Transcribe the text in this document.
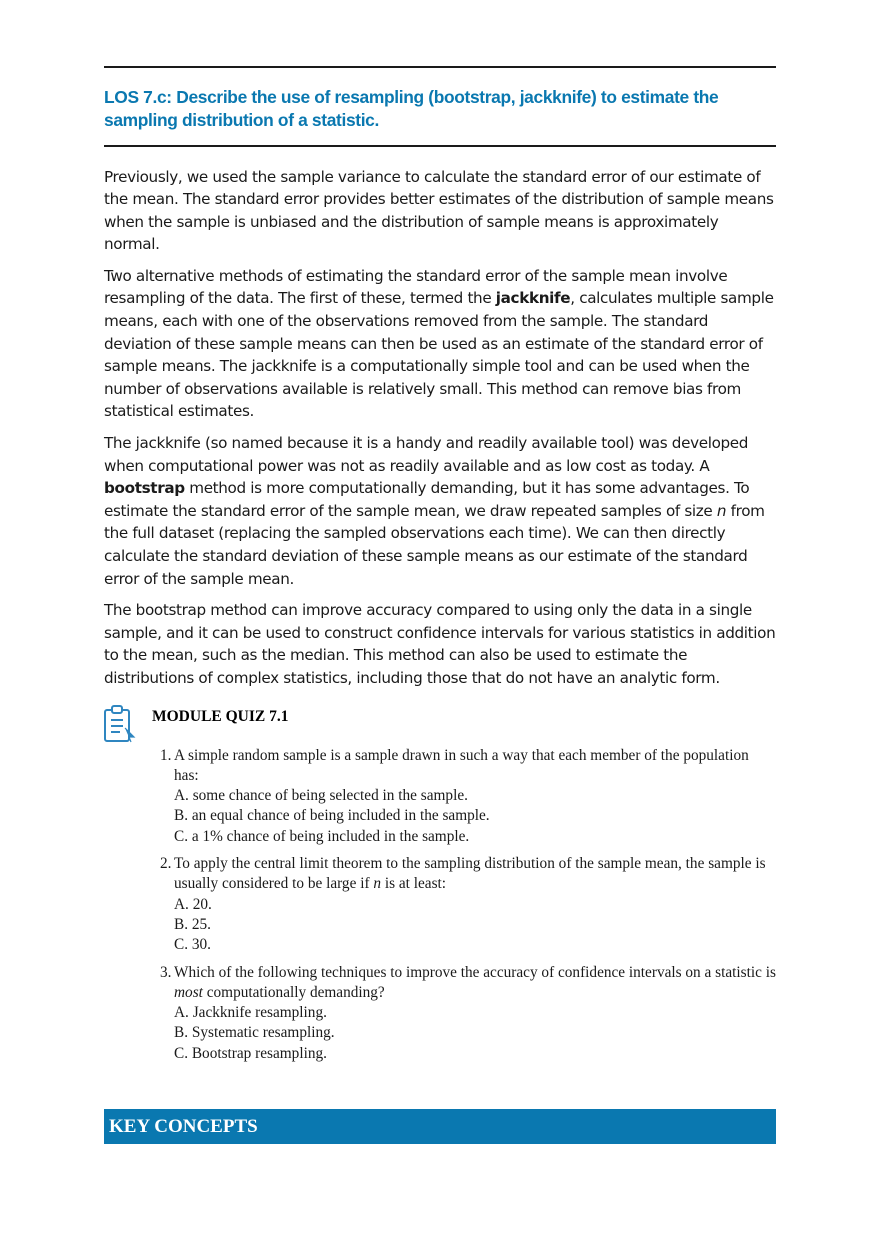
LOS 7.c: Describe the use of resampling (bootstrap, jackknife) to estimate the sampling distribution of a statistic.

Previously, we used the sample variance to calculate the standard error of our estimate of the mean. The standard error provides better estimates of the distribution of sample means when the sample is unbiased and the distribution of sample means is approximately normal.

Two alternative methods of estimating the standard error of the sample mean involve resampling of the data. The first of these, termed the jackknife, calculates multiple sample means, each with one of the observations removed from the sample. The standard deviation of these sample means can then be used as an estimate of the standard error of sample means. The jackknife is a computationally simple tool and can be used when the number of observations available is relatively small. This method can remove bias from statistical estimates.

The jackknife (so named because it is a handy and readily available tool) was developed when computational power was not as readily available and as low cost as today. A bootstrap method is more computationally demanding, but it has some advantages. To estimate the standard error of the sample mean, we draw repeated samples of size n from the full dataset (replacing the sampled observations each time). We can then directly calculate the standard deviation of these sample means as our estimate of the standard error of the sample mean.

The bootstrap method can improve accuracy compared to using only the data in a single sample, and it can be used to construct confidence intervals for various statistics in addition to the mean, such as the median. This method can also be used to estimate the distributions of complex statistics, including those that do not have an analytic form.

MODULE QUIZ 7.1
1. A simple random sample is a sample drawn in such a way that each member of the population has:
A. some chance of being selected in the sample.
B. an equal chance of being included in the sample.
C. a 1% chance of being included in the sample.
2. To apply the central limit theorem to the sampling distribution of the sample mean, the sample is usually considered to be large if n is at least:
A. 20.
B. 25.
C. 30.
3. Which of the following techniques to improve the accuracy of confidence intervals on a statistic is most computationally demanding?
A. Jackknife resampling.
B. Systematic resampling.
C. Bootstrap resampling.
KEY CONCEPTS
